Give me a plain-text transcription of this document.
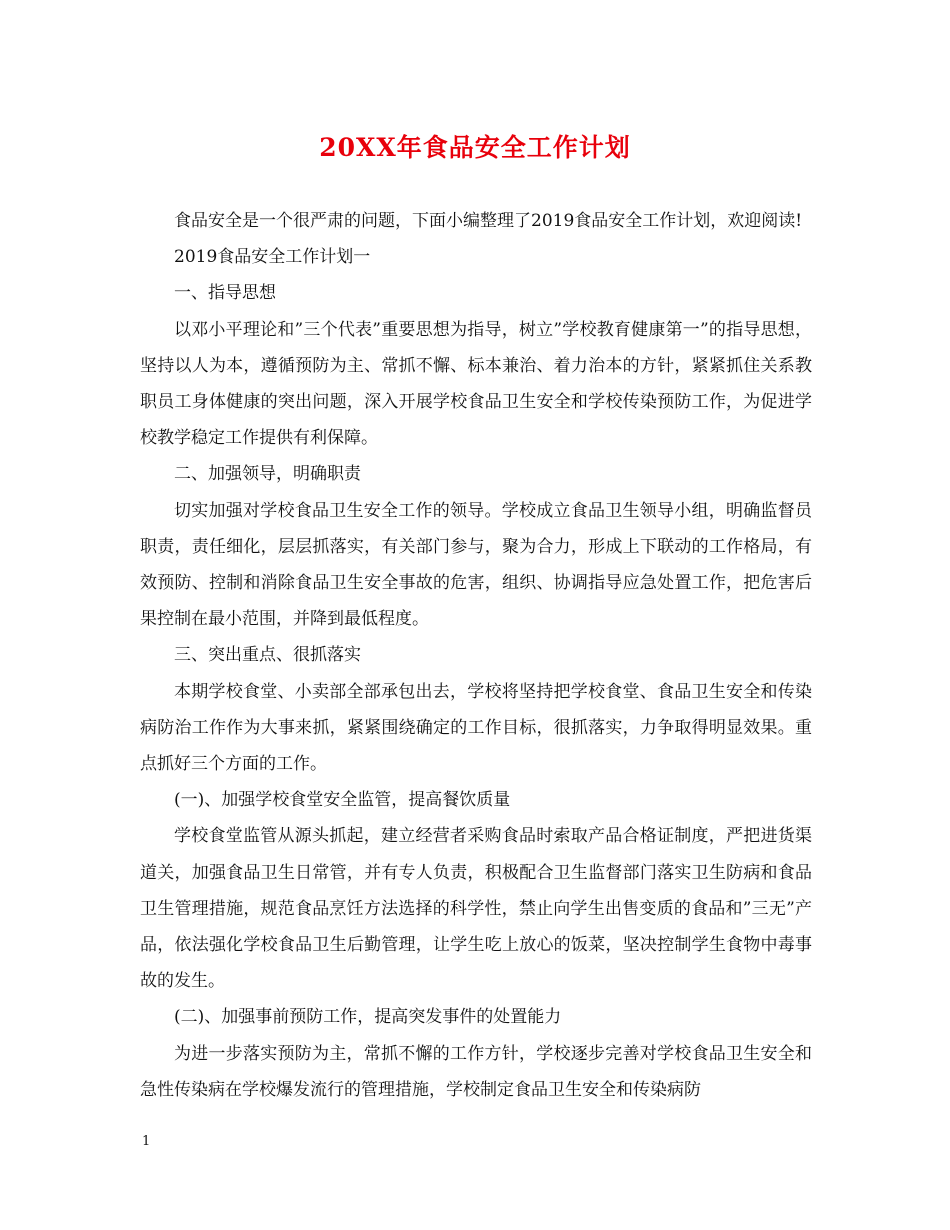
20XX年食品安全工作计划

食品安全是一个很严肃的问题，下面小编整理了2019食品安全工作计划，欢迎阅读!

2019食品安全工作计划一

一、指导思想

以邓小平理论和”三个代表”重要思想为指导，树立”学校教育健康第一”的指导思想，坚持以人为本，遵循预防为主、常抓不懈、标本兼治、着力治本的方针，紧紧抓住关系教职员工身体健康的突出问题，深入开展学校食品卫生安全和学校传染预防工作，为促进学校教学稳定工作提供有利保障。

二、加强领导，明确职责

切实加强对学校食品卫生安全工作的领导。学校成立食品卫生领导小组，明确监督员职责，责任细化，层层抓落实，有关部门参与，聚为合力，形成上下联动的工作格局，有效预防、控制和消除食品卫生安全事故的危害，组织、协调指导应急处置工作，把危害后果控制在最小范围，并降到最低程度。

三、突出重点、很抓落实

本期学校食堂、小卖部全部承包出去，学校将坚持把学校食堂、食品卫生安全和传染病防治工作作为大事来抓，紧紧围绕确定的工作目标，很抓落实，力争取得明显效果。重点抓好三个方面的工作。

(一)、加强学校食堂安全监管，提高餐饮质量

学校食堂监管从源头抓起，建立经营者采购食品时索取产品合格证制度，严把进货渠道关，加强食品卫生日常管，并有专人负责，积极配合卫生监督部门落实卫生防病和食品卫生管理措施，规范食品烹饪方法选择的科学性，禁止向学生出售变质的食品和”三无”产品，依法强化学校食品卫生后勤管理，让学生吃上放心的饭菜，坚决控制学生食物中毒事故的发生。

(二)、加强事前预防工作，提高突发事件的处置能力

为进一步落实预防为主，常抓不懈的工作方针，学校逐步完善对学校食品卫生安全和急性传染病在学校爆发流行的管理措施，学校制定食品卫生安全和传染病防

1
